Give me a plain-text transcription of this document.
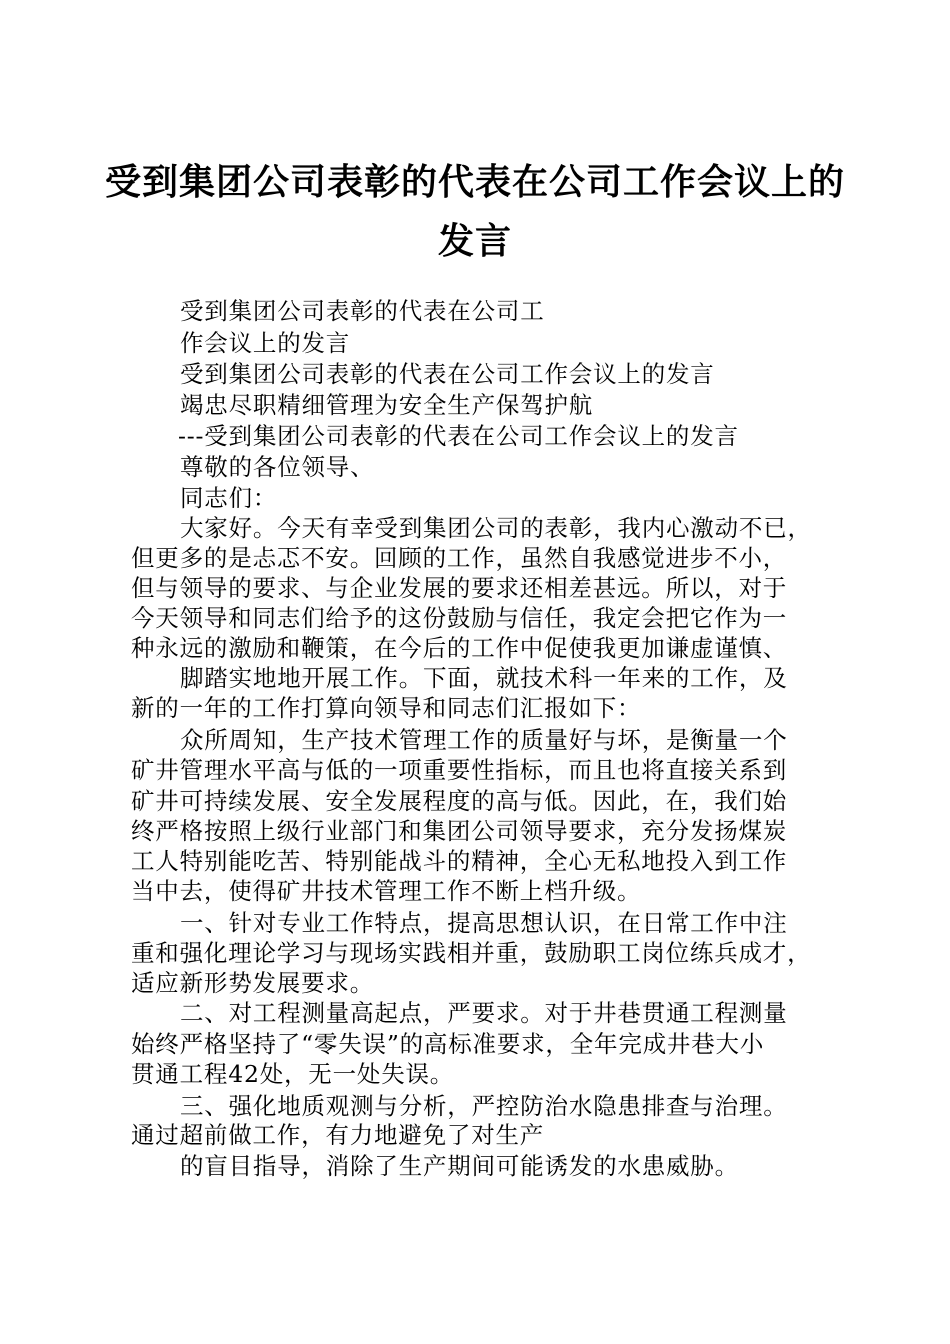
受到集团公司表彰的代表在公司工作会议上的
发言
受到集团公司表彰的代表在公司工
作会议上的发言
受到集团公司表彰的代表在公司工作会议上的发言
竭忠尽职精细管理为安全生产保驾护航
---受到集团公司表彰的代表在公司工作会议上的发言
尊敬的各位领导、
同志们：
大家好。今天有幸受到集团公司的表彰，我内心激动不已，
但更多的是忐忑不安。回顾的工作，虽然自我感觉进步不小，
但与领导的要求、与企业发展的要求还相差甚远。所以，对于
今天领导和同志们给予的这份鼓励与信任，我定会把它作为一
种永远的激励和鞭策，在今后的工作中促使我更加谦虚谨慎、
脚踏实地地开展工作。下面，就技术科一年来的工作，及
新的一年的工作打算向领导和同志们汇报如下：
众所周知，生产技术管理工作的质量好与坏，是衡量一个
矿井管理水平高与低的一项重要性指标，而且也将直接关系到
矿井可持续发展、安全发展程度的高与低。因此，在，我们始
终严格按照上级行业部门和集团公司领导要求，充分发扬煤炭
工人特别能吃苦、特别能战斗的精神，全心无私地投入到工作
当中去，使得矿井技术管理工作不断上档升级。
一、针对专业工作特点，提高思想认识，在日常工作中注
重和强化理论学习与现场实践相并重，鼓励职工岗位练兵成才，
适应新形势发展要求。
二、对工程测量高起点，严要求。对于井巷贯通工程测量
始终严格坚持了“零失误”的高标准要求，全年完成井巷大小
贯通工程42处，无一处失误。
三、强化地质观测与分析，严控防治水隐患排查与治理。
通过超前做工作，有力地避免了对生产
的盲目指导，消除了生产期间可能诱发的水患威胁。
